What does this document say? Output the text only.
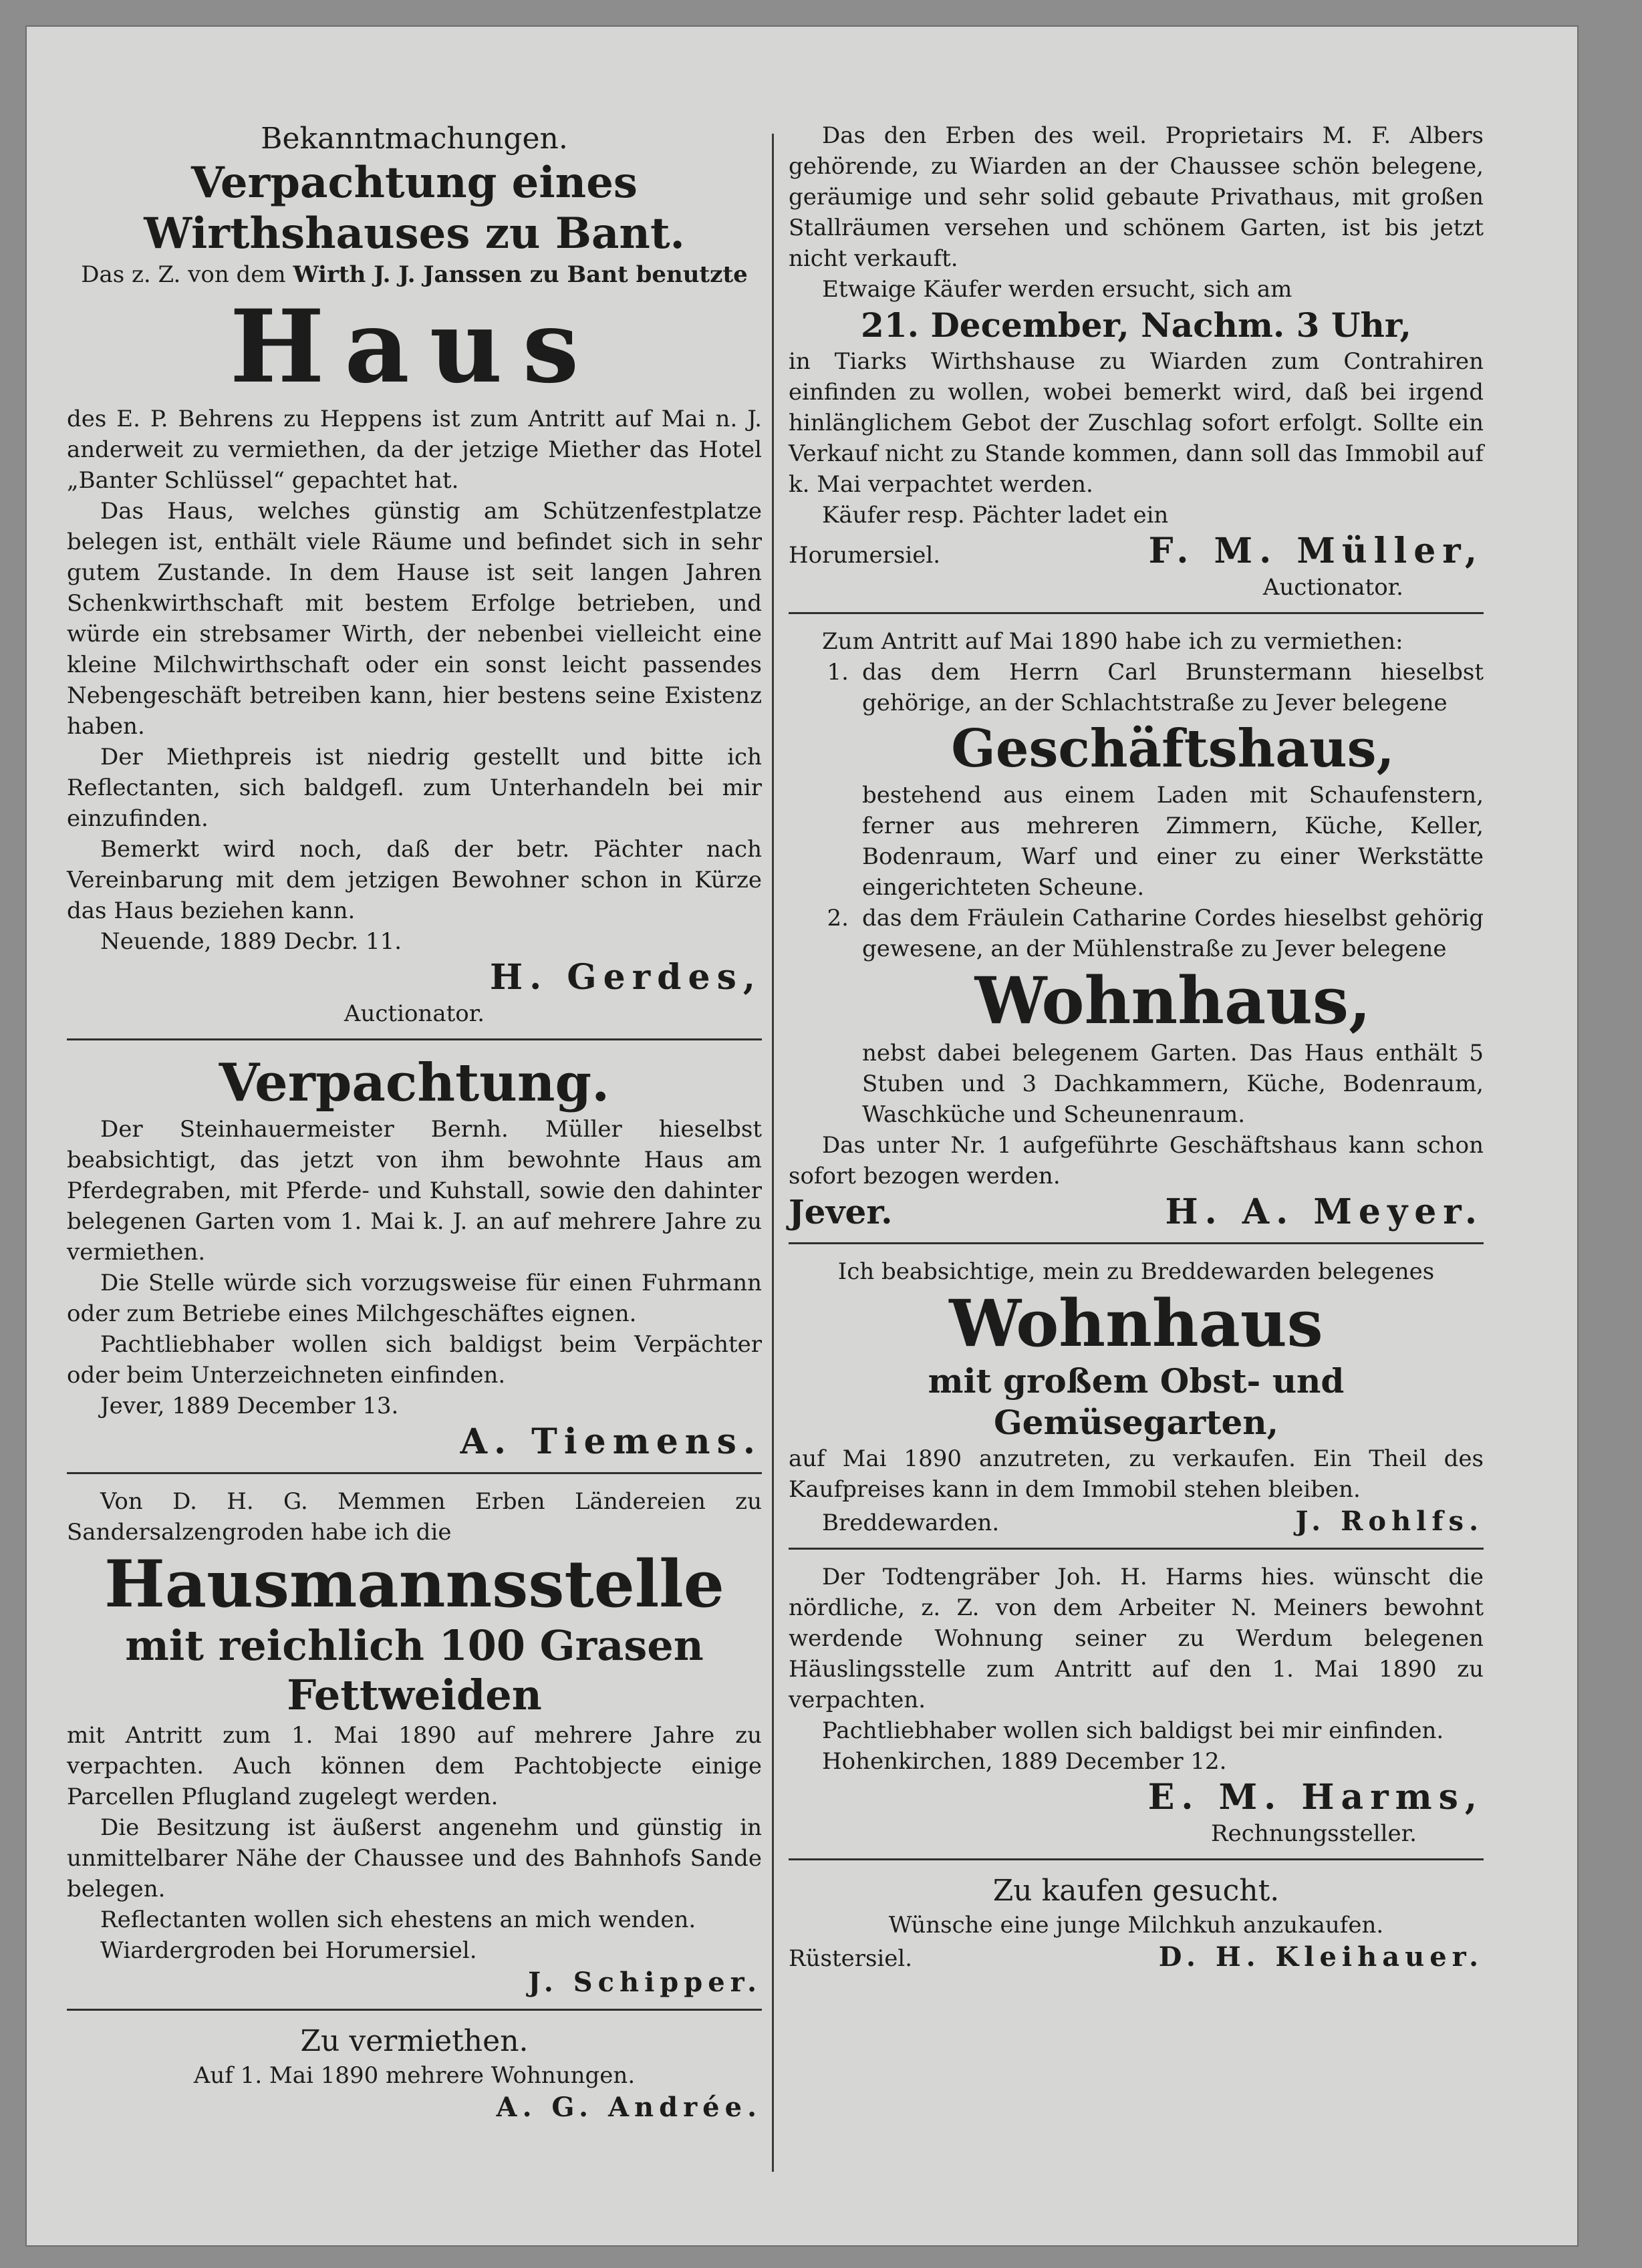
Bekanntmachungen.

Verpachtung eines Wirthshauses zu Bant.

Das z. Z. von dem Wirth J. J. Janssen zu Bant benutzte

Haus

des E. P. Behrens zu Heppens ist zum Antritt auf Mai n. J. anderweit zu vermiethen, da der jetzige Miether das Hotel „Banter Schlüssel“ gepachtet hat.

Das Haus, welches günstig am Schützenfestplatze belegen ist, enthält viele Räume und befindet sich in sehr gutem Zustande. In dem Hause ist seit langen Jahren Schenkwirthschaft mit bestem Erfolge betrieben, und würde ein strebsamer Wirth, der nebenbei vielleicht eine kleine Milchwirthschaft oder ein sonst leicht passendes Nebengeschäft betreiben kann, hier bestens seine Existenz haben.

Der Miethpreis ist niedrig gestellt und bitte ich Reflectanten, sich baldgefl. zum Unterhandeln bei mir einzufinden.

Bemerkt wird noch, daß der betr. Pächter nach Vereinbarung mit dem jetzigen Bewohner schon in Kürze das Haus beziehen kann.

Neuende, 1889 Decbr. 11.

H. Gerdes,

Auctionator.

Verpachtung.

Der Steinhauermeister Bernh. Müller hieselbst beabsichtigt, das jetzt von ihm bewohnte Haus am Pferdegraben, mit Pferde- und Kuhstall, sowie den dahinter belegenen Garten vom 1. Mai k. J. an auf mehrere Jahre zu vermiethen.

Die Stelle würde sich vorzugsweise für einen Fuhrmann oder zum Betriebe eines Milchgeschäftes eignen.

Pachtliebhaber wollen sich baldigst beim Verpächter oder beim Unterzeichneten einfinden.

Jever, 1889 December 13.

A. Tiemens.

Von D. H. G. Memmen Erben Ländereien zu Sandersalzengroden habe ich die

Hausmannsstelle

mit reichlich 100 Grasen

Fettweiden

mit Antritt zum 1. Mai 1890 auf mehrere Jahre zu verpachten. Auch können dem Pachtobjecte einige Parcellen Pflugland zugelegt werden.

Die Besitzung ist äußerst angenehm und günstig in unmittelbarer Nähe der Chaussee und des Bahnhofs Sande belegen.

Reflectanten wollen sich ehestens an mich wenden.

Wiardergroden bei Horumersiel.

J. Schipper.

Zu vermiethen.

Auf 1. Mai 1890 mehrere Wohnungen.

A. G. Andrée.

Das den Erben des weil. Proprietairs M. F. Albers gehörende, zu Wiarden an der Chaussee schön belegene, geräumige und sehr solid gebaute Privathaus, mit großen Stallräumen versehen und schönem Garten, ist bis jetzt nicht verkauft.

Etwaige Käufer werden ersucht, sich am

21. December, Nachm. 3 Uhr,

in Tiarks Wirthshause zu Wiarden zum Contrahiren einfinden zu wollen, wobei bemerkt wird, daß bei irgend hinlänglichem Gebot der Zuschlag sofort erfolgt. Sollte ein Verkauf nicht zu Stande kommen, dann soll das Immobil auf k. Mai verpachtet werden.

Käufer resp. Pächter ladet ein

Horumersiel.	F. M. Müller,

Auctionator.

Zum Antritt auf Mai 1890 habe ich zu vermiethen:

1. das dem Herrn Carl Brunstermann hieselbst gehörige, an der Schlachtstraße zu Jever belegene

Geschäftshaus,

bestehend aus einem Laden mit Schaufenstern, ferner aus mehreren Zimmern, Küche, Keller, Bodenraum, Warf und einer zu einer Werkstätte eingerichteten Scheune.

2. das dem Fräulein Catharine Cordes hieselbst gehörig gewesene, an der Mühlenstraße zu Jever belegene

Wohnhaus,

nebst dabei belegenem Garten. Das Haus enthält 5 Stuben und 3 Dachkammern, Küche, Bodenraum, Waschküche und Scheunenraum.

Das unter Nr. 1 aufgeführte Geschäftshaus kann schon sofort bezogen werden.

Jever.	H. A. Meyer.

Ich beabsichtige, mein zu Breddewarden belegenes

Wohnhaus

mit großem Obst- und Gemüsegarten,

auf Mai 1890 anzutreten, zu verkaufen. Ein Theil des Kaufpreises kann in dem Immobil stehen bleiben.

Breddewarden.	J. Rohlfs.

Der Todtengräber Joh. H. Harms hies. wünscht die nördliche, z. Z. von dem Arbeiter N. Meiners bewohnt werdende Wohnung seiner zu Werdum belegenen Häuslingsstelle zum Antritt auf den 1. Mai 1890 zu verpachten.

Pachtliebhaber wollen sich baldigst bei mir einfinden.

Hohenkirchen, 1889 December 12.

E. M. Harms,

Rechnungssteller.

Zu kaufen gesucht.

Wünsche eine junge Milchkuh anzukaufen.

Rüstersiel.	D. H. Kleihauer.
